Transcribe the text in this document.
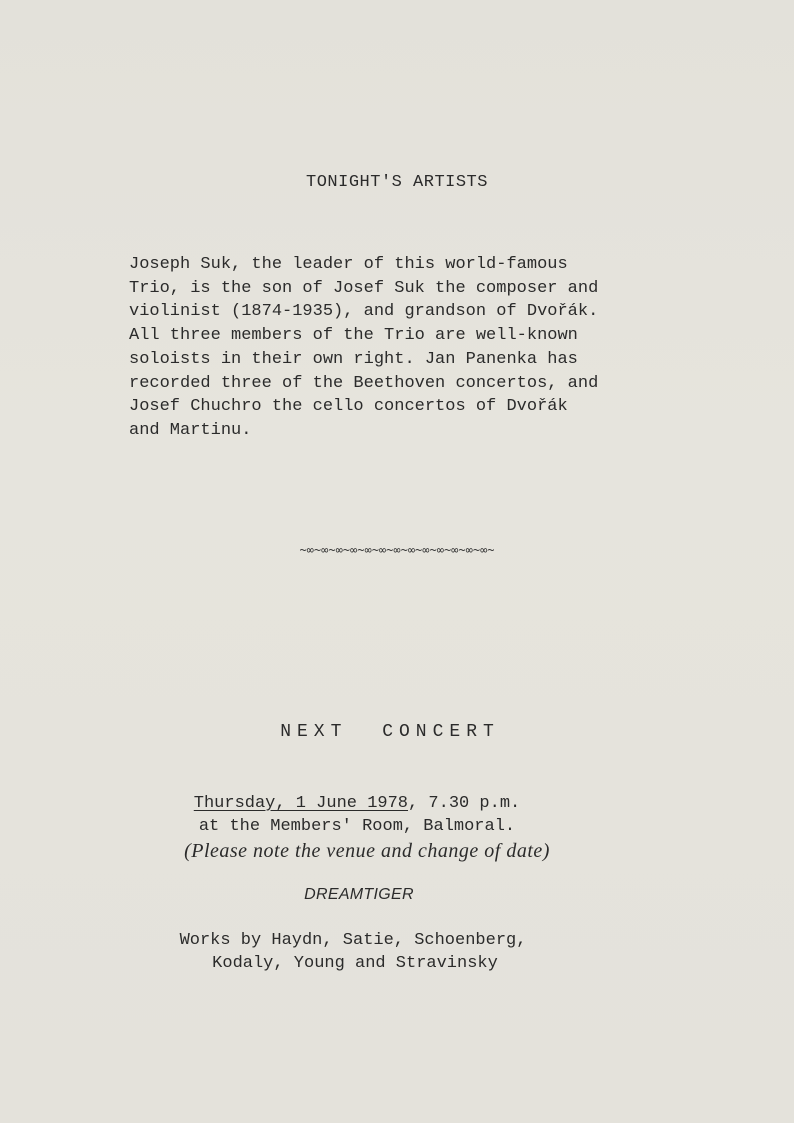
TONIGHT'S ARTISTS
Joseph Suk, the leader of this world-famous
Trio, is the son of Josef Suk the composer and
violinist (1874-1935), and grandson of Dvořák.
All three members of the Trio are well-known
soloists in their own right. Jan Panenka has
recorded three of the Beethoven concertos, and
Josef Chuchro the cello concertos of Dvořák
and Martinu.
~∞~∞~∞~∞~∞~∞~∞~∞~∞~∞~∞~∞~∞~
NEXT CONCERT
Thursday, 1 June 1978, 7.30 p.m.
at the Members' Room, Balmoral.
(Please note the venue and change of date)
DREAMTIGER
Works by Haydn, Satie, Schoenberg,
Kodaly, Young and Stravinsky
